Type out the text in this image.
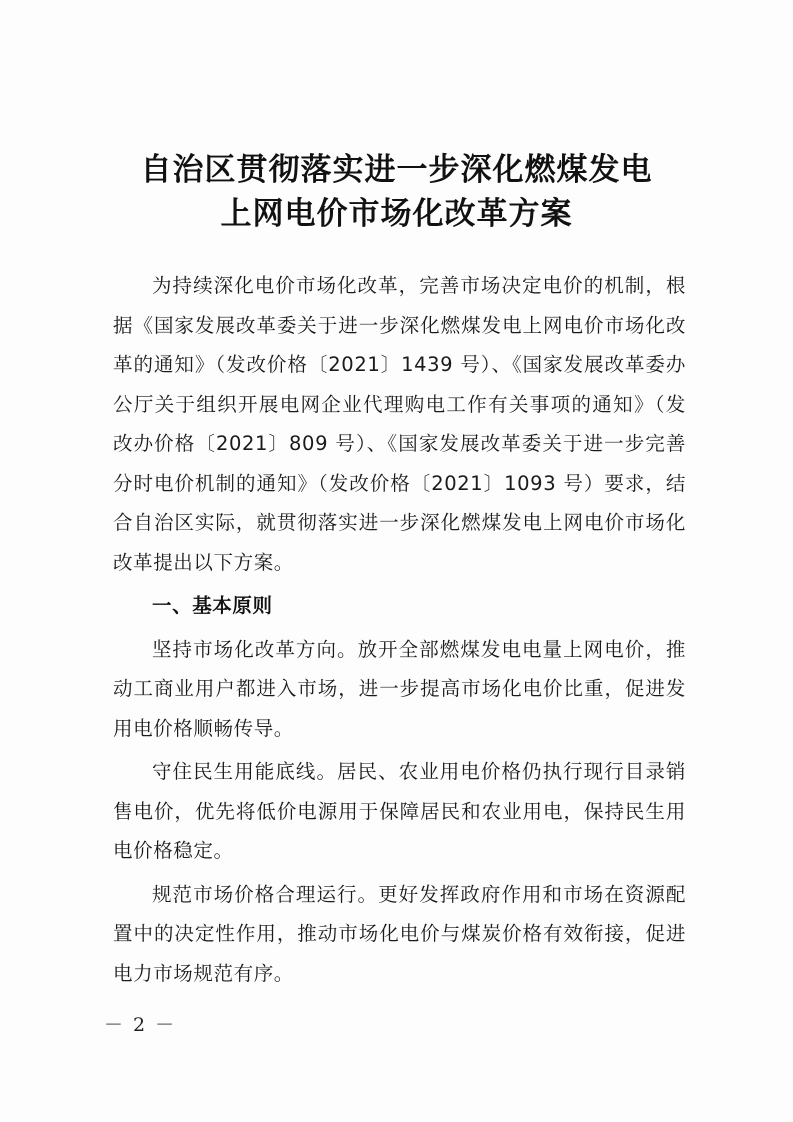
自治区贯彻落实进一步深化燃煤发电
上网电价市场化改革方案

为持续深化电价市场化改革，完善市场决定电价的机制，根据《国家发展改革委关于进一步深化燃煤发电上网电价市场化改革的通知》（发改价格〔2021〕1439 号）、《国家发展改革委办公厅关于组织开展电网企业代理购电工作有关事项的通知》（发改办价格〔2021〕809 号）、《国家发展改革委关于进一步完善分时电价机制的通知》（发改价格〔2021〕1093 号）要求，结合自治区实际，就贯彻落实进一步深化燃煤发电上网电价市场化改革提出以下方案。

一、基本原则

坚持市场化改革方向。放开全部燃煤发电电量上网电价，推动工商业用户都进入市场，进一步提高市场化电价比重，促进发用电价格顺畅传导。

守住民生用能底线。居民、农业用电价格仍执行现行目录销售电价，优先将低价电源用于保障居民和农业用电，保持民生用电价格稳定。

规范市场价格合理运行。更好发挥政府作用和市场在资源配置中的决定性作用，推动市场化电价与煤炭价格有效衔接，促进电力市场规范有序。

－ 2 －
